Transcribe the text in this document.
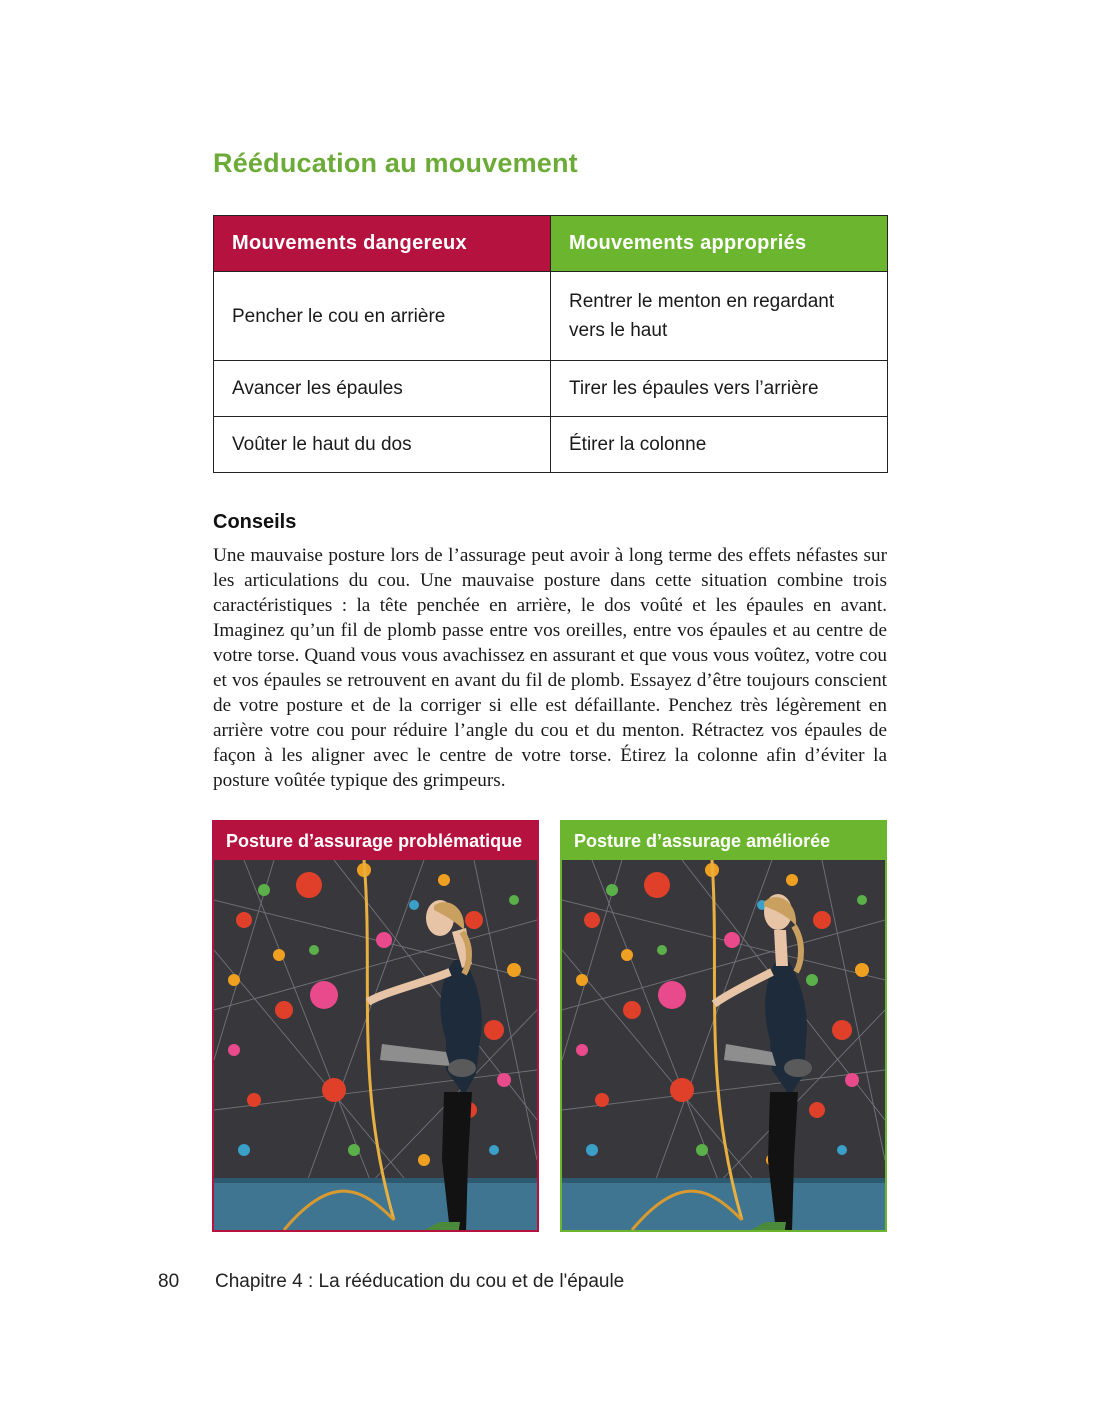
Rééducation au mouvement
Mouvements dangereux	Mouvements appropriés
Pencher le cou en arrière	Rentrer le menton en regardant vers le haut
Avancer les épaules	Tirer les épaules vers l’arrière
Voûter le haut du dos	Étirer la colonne
Conseils

Une mauvaise posture lors de l’assurage peut avoir à long terme des effets néfastes sur les articulations du cou. Une mauvaise posture dans cette situation combine trois caractéristiques : la tête penchée en arrière, le dos voûté et les épaules en avant. Imaginez qu’un fil de plomb passe entre vos oreilles, entre vos épaules et au centre de votre torse. Quand vous vous avachissez en assurant et que vous vous voûtez, votre cou et vos épaules se retrouvent en avant du fil de plomb. Essayez d’être toujours conscient de votre posture et de la corriger si elle est défaillante. Penchez très légèrement en arrière votre cou pour réduire l’angle du cou et du menton. Rétractez vos épaules de façon à les aligner avec le centre de votre torse. Étirez la colonne afin d’éviter la posture voûtée typique des grimpeurs.

Posture d’assurage problématique	Posture d’assurage améliorée
80 Chapitre 4 : La rééducation du cou et de l'épaule
